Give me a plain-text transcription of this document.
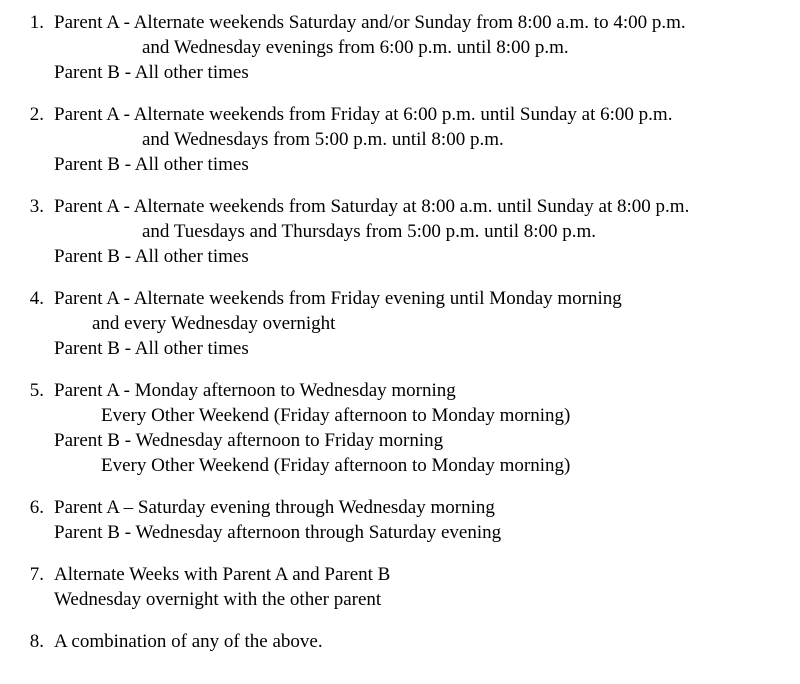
1. Parent A - Alternate weekends Saturday and/or Sunday from 8:00 a.m. to 4:00 p.m.
and Wednesday evenings from 6:00 p.m. until 8:00 p.m.
Parent B - All other times
2. Parent A - Alternate weekends from Friday at 6:00 p.m. until Sunday at 6:00 p.m.
and Wednesdays from 5:00 p.m. until 8:00 p.m.
Parent B - All other times
3. Parent A - Alternate weekends from Saturday at 8:00 a.m. until Sunday at 8:00 p.m.
and Tuesdays and Thursdays from 5:00 p.m. until 8:00 p.m.
Parent B - All other times
4. Parent A - Alternate weekends from Friday evening until Monday morning
and every Wednesday overnight
Parent B - All other times
5. Parent A - Monday afternoon to Wednesday morning
Every Other Weekend (Friday afternoon to Monday morning)
Parent B - Wednesday afternoon to Friday morning
Every Other Weekend (Friday afternoon to Monday morning)
6. Parent A – Saturday evening through Wednesday morning
Parent B - Wednesday afternoon through Saturday evening
7. Alternate Weeks with Parent A and Parent B
Wednesday overnight with the other parent
8. A combination of any of the above.
